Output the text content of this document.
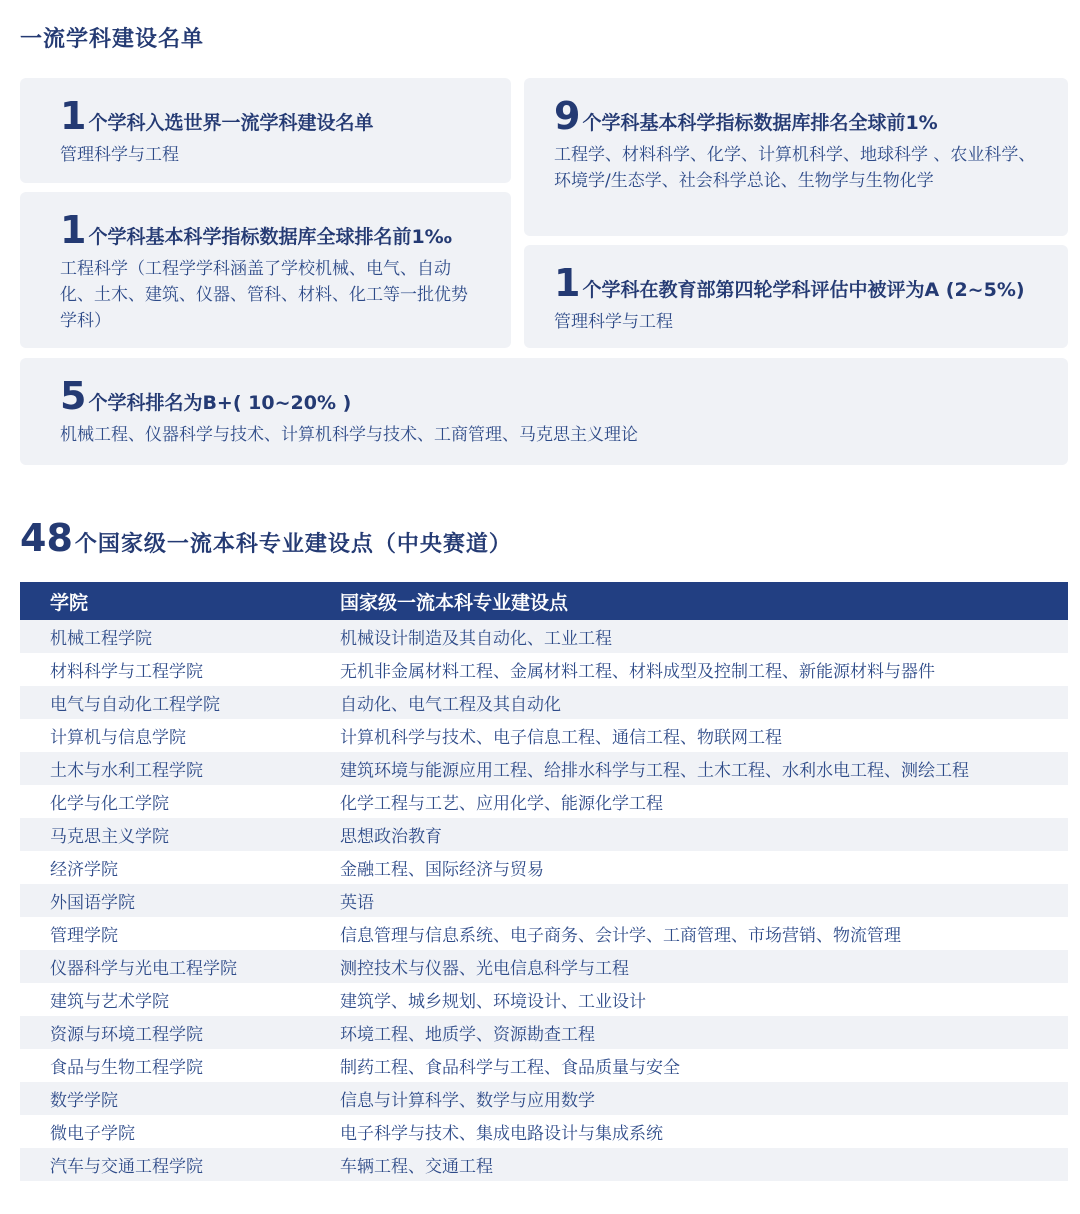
一流学科建设名单
1 个学科入选世界一流学科建设名单
管理科学与工程
1 个学科基本科学指标数据库全球排名前1‰
工程科学（工程学学科涵盖了学校机械、电气、自动化、土木、建筑、仪器、管科、材料、化工等一批优势学科）
9 个学科基本科学指标数据库排名全球前1%
工程学、材料科学、化学、计算机科学、地球科学 、农业科学、环境学/生态学、社会科学总论、生物学与生物化学
1 个学科在教育部第四轮学科评估中被评为A (2~5%)
管理科学与工程
5 个学科排名为B+( 10~20% )
机械工程、仪器科学与技术、计算机科学与技术、工商管理、马克思主义理论
48 个国家级一流本科专业建设点（中央赛道）
学院	国家级一流本科专业建设点
机械工程学院	机械设计制造及其自动化、工业工程
材料科学与工程学院	无机非金属材料工程、金属材料工程、材料成型及控制工程、新能源材料与器件
电气与自动化工程学院	自动化、电气工程及其自动化
计算机与信息学院	计算机科学与技术、电子信息工程、通信工程、物联网工程
土木与水利工程学院	建筑环境与能源应用工程、给排水科学与工程、土木工程、水利水电工程、测绘工程
化学与化工学院	化学工程与工艺、应用化学、能源化学工程
马克思主义学院	思想政治教育
经济学院	金融工程、国际经济与贸易
外国语学院	英语
管理学院	信息管理与信息系统、电子商务、会计学、工商管理、市场营销、物流管理
仪器科学与光电工程学院	测控技术与仪器、光电信息科学与工程
建筑与艺术学院	建筑学、城乡规划、环境设计、工业设计
资源与环境工程学院	环境工程、地质学、资源勘查工程
食品与生物工程学院	制药工程、食品科学与工程、食品质量与安全
数学学院	信息与计算科学、数学与应用数学
微电子学院	电子科学与技术、集成电路设计与集成系统
汽车与交通工程学院	车辆工程、交通工程
